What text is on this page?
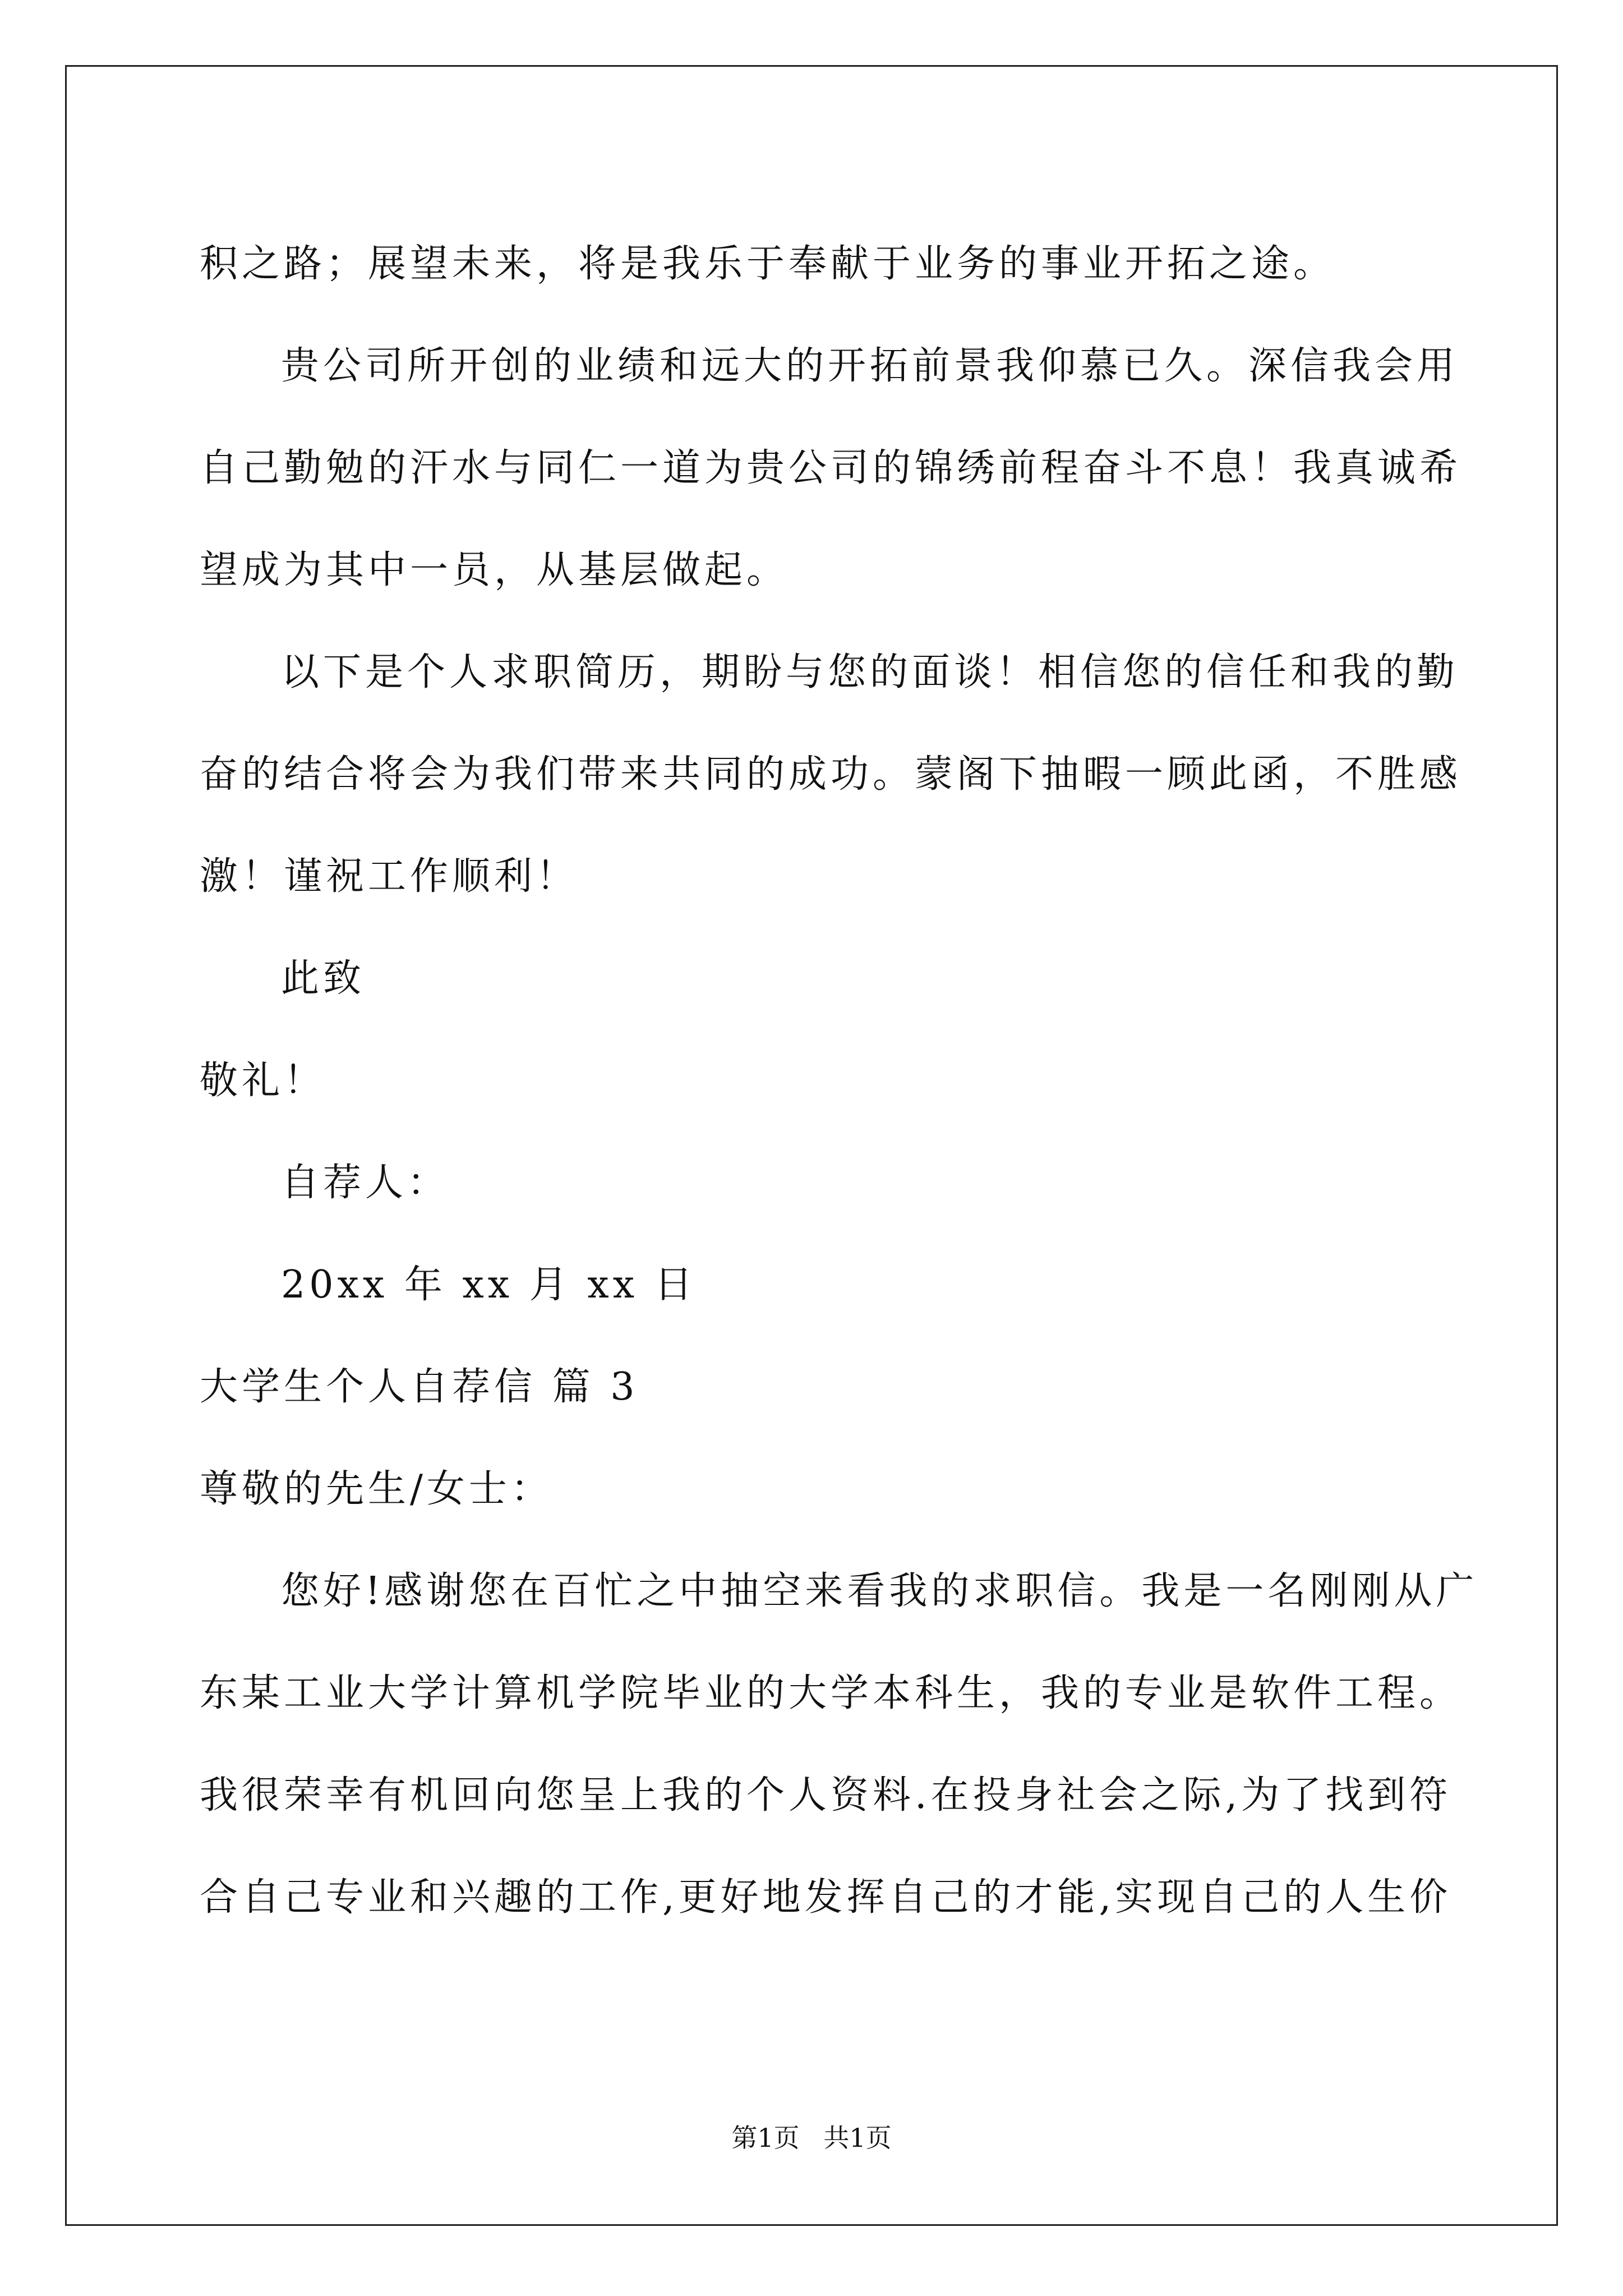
积之路；展望未来，将是我乐于奉献于业务的事业开拓之途。
贵公司所开创的业绩和远大的开拓前景我仰慕已久。深信我会用
自己勤勉的汗水与同仁一道为贵公司的锦绣前程奋斗不息！我真诚希
望成为其中一员，从基层做起。
以下是个人求职简历，期盼与您的面谈！相信您的信任和我的勤
奋的结合将会为我们带来共同的成功。蒙阁下抽暇一顾此函，不胜感
激！谨祝工作顺利！
此致
敬礼！
自荐人：
20xx 年 xx 月 xx 日
大学生个人自荐信 篇 3
尊敬的先生/女士：
您好!感谢您在百忙之中抽空来看我的求职信。我是一名刚刚从广
东某工业大学计算机学院毕业的大学本科生，我的专业是软件工程。
我很荣幸有机回向您呈上我的个人资料.在投身社会之际,为了找到符
合自己专业和兴趣的工作,更好地发挥自己的才能,实现自己的人生价
第1页 共1页
